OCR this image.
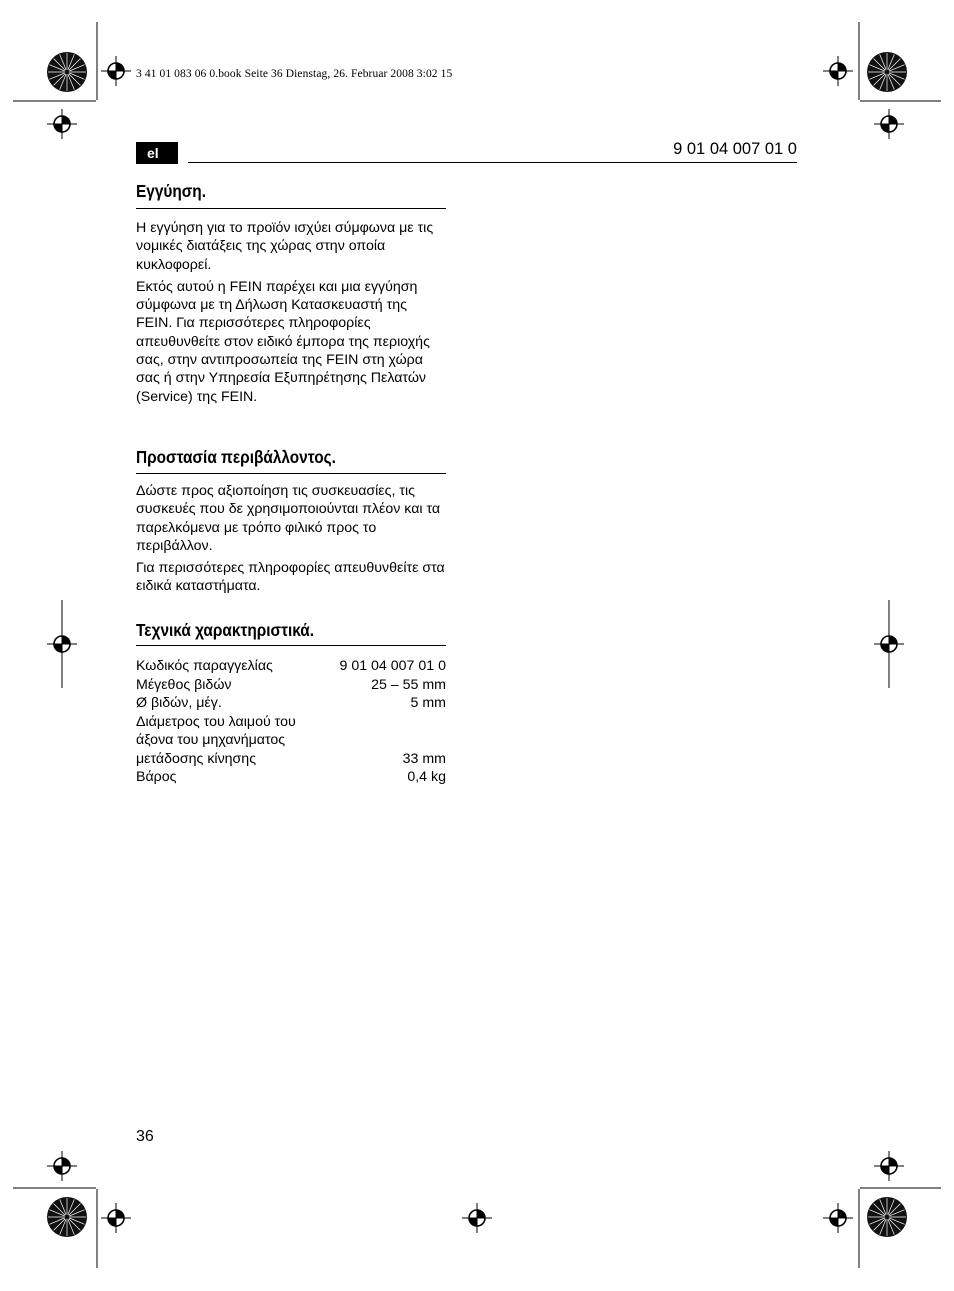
3 41 01 083 06 0.book Seite 36 Dienstag, 26. Februar 2008 3:02 15
el	9 01 04 007 01 0
Εγγύηση.

Η εγγύηση για το προϊόν ισχύει σύμφωνα με τις νομικές διατάξεις της χώρας στην οποία κυκλοφορεί.

Εκτός αυτού η FEIN παρέχει και μια εγγύηση σύμφωνα με τη Δήλωση Κατασκευαστή της FEIN. Για περισσότερες πληροφορίες απευθυνθείτε στον ειδικό έμπορα της περιοχής σας, στην αντιπροσωπεία της FEIN στη χώρα σας ή στην Υπηρεσία Εξυπηρέτησης Πελατών (Service) της FEIN.

Προστασία περιβάλλοντος.

Δώστε προς αξιοποίηση τις συσκευασίες, τις συσκευές που δε χρησιμοποιούνται πλέον και τα παρελκόμενα με τρόπο φιλικό προς το περιβάλλον.

Για περισσότερες πληροφορίες απευθυνθείτε στα ειδικά καταστήματα.

Τεχνικά χαρακτηριστικά.
Κωδικός παραγγελίας	9 01 04 007 01 0
Μέγεθος βιδών	25 – 55 mm
Ø βιδών, μέγ.	5 mm
Διάμετρος του λαιμού του άξονα του μηχανήματος μετάδοσης κίνησης	33 mm
Βάρος	0,4 kg
36
